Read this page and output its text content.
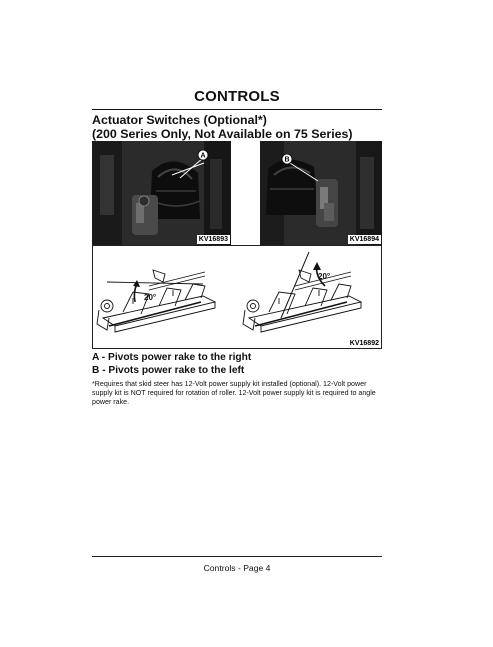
CONTROLS
Actuator Switches (Optional*)
(200 Series Only, Not Available on 75 Series)
A
KV16893
B
KV16894
20°
20°
KV16892
A - Pivots power rake to the right
B - Pivots power rake to the left
*Requires that skid steer has 12-Volt power supply kit installed (optional). 12-Volt power supply kit is NOT required for rotation of roller. 12-Volt power supply kit is required to angle power rake.
Controls - Page 4
